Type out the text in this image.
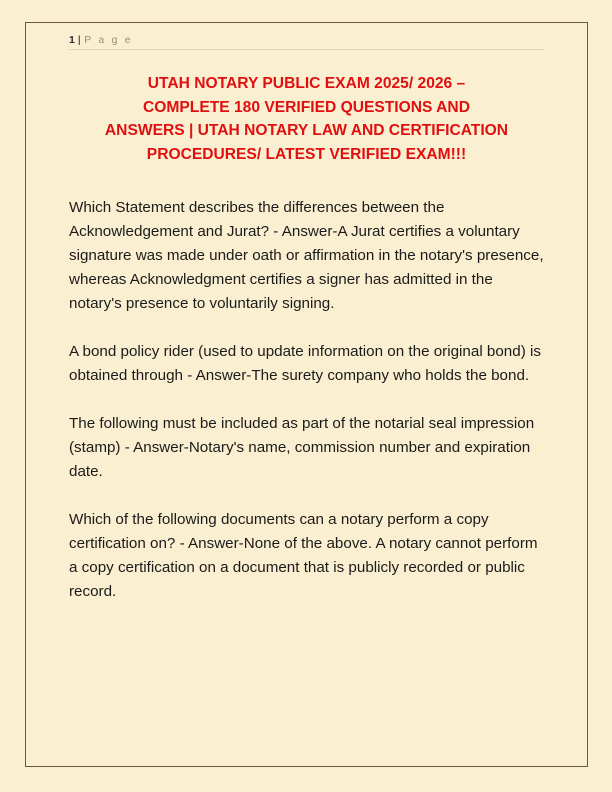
1 | P a g e
UTAH NOTARY PUBLIC EXAM 2025/ 2026 –
COMPLETE 180 VERIFIED QUESTIONS AND
ANSWERS | UTAH NOTARY LAW AND CERTIFICATION
PROCEDURES/ LATEST VERIFIED EXAM!!!

Which Statement describes the differences between the Acknowledgement and Jurat? - Answer-A Jurat certifies a voluntary signature was made under oath or affirmation in the notary's presence, whereas Acknowledgment certifies a signer has admitted in the notary's presence to voluntarily signing.

A bond policy rider (used to update information on the original bond) is obtained through - Answer-The surety company who holds the bond.

The following must be included as part of the notarial seal impression (stamp) - Answer-Notary's name, commission number and expiration date.

Which of the following documents can a notary perform a copy certification on? - Answer-None of the above. A notary cannot perform a copy certification on a document that is publicly recorded or public record.
